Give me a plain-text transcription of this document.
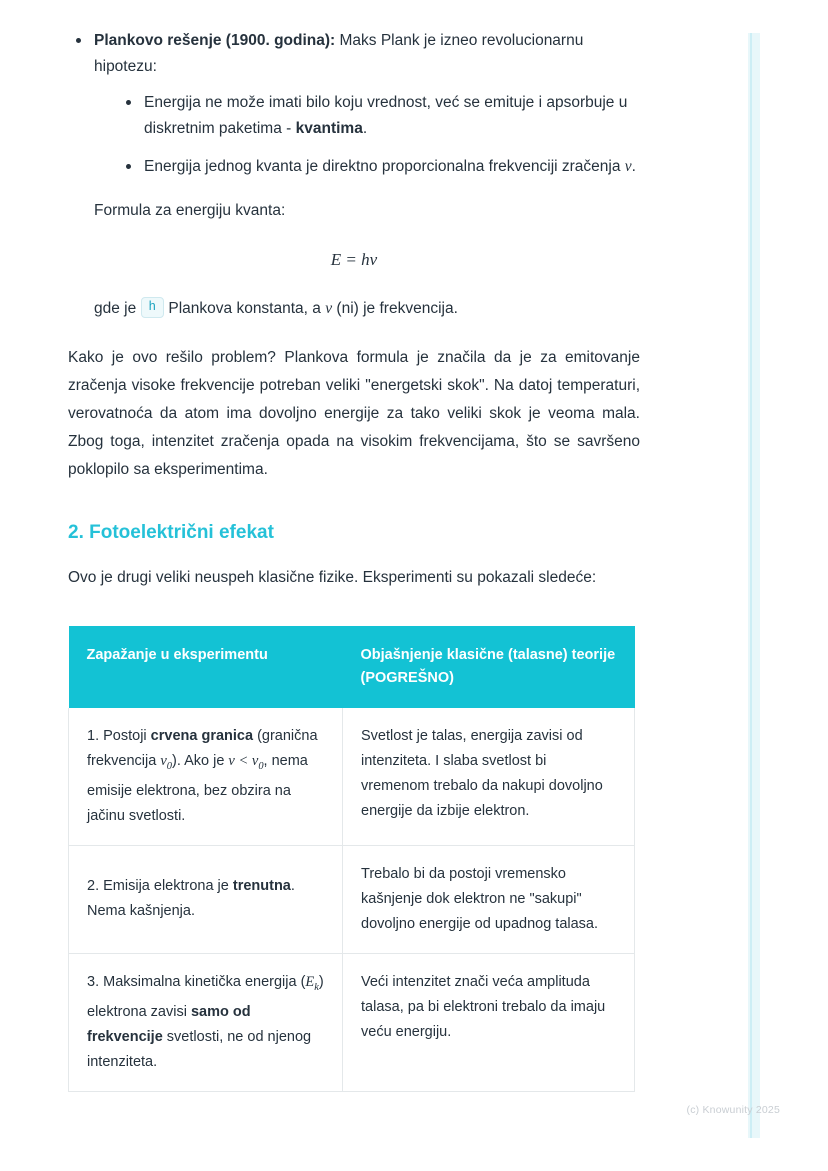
Plankovo rešenje (1900. godina): Maks Plank je izneo revolucionarnu hipotezu:
Energija ne može imati bilo koju vrednost, već se emituje i apsorbuje u diskretnim paketima - kvantima.
Energija jednog kvanta je direktno proporcionalna frekvenciji zračenja ν.
Formula za energiju kvanta:
E = hν
gde je h Plankova konstanta, a ν (ni) je frekvencija.

Kako je ovo rešilo problem? Plankova formula je značila da je za emitovanje zračenja visoke frekvencije potreban veliki "energetski skok". Na datoj temperaturi, verovatnoća da atom ima dovoljno energije za tako veliki skok je veoma mala. Zbog toga, intenzitet zračenja opada na visokim frekvencijama, što se savršeno poklopilo sa eksperimentima.

2. Fotoelektrični efekat

Ovo je drugi veliki neuspeh klasične fizike. Eksperimenti su pokazali sledeće:

Zapažanje u eksperimentu	Objašnjenje klasične (talasne) teorije (POGREŠNO)
1. Postoji crvena granica (granična frekvencija $\nu_0$). Ako je $\nu < \nu_0$, nema emisije elektrona, bez obzira na jačinu svetlosti.	Svetlost je talas, energija zavisi od intenziteta. I slaba svetlost bi vremenom trebalo da nakupi dovoljno energije da izbije elektron.
2. Emisija elektrona je trenutna. Nema kašnjenja.	Trebalo bi da postoji vremensko kašnjenje dok elektron ne "sakupi" dovoljno energije od upadnog talasa.
3. Maksimalna kinetička energija $(E_k)$ elektrona zavisi samo od frekvencije svetlosti, ne od njenog intenziteta.	Veći intenzitet znači veća amplituda talasa, pa bi elektroni trebalo da imaju veću energiju.
(c) Knowunity 2025
